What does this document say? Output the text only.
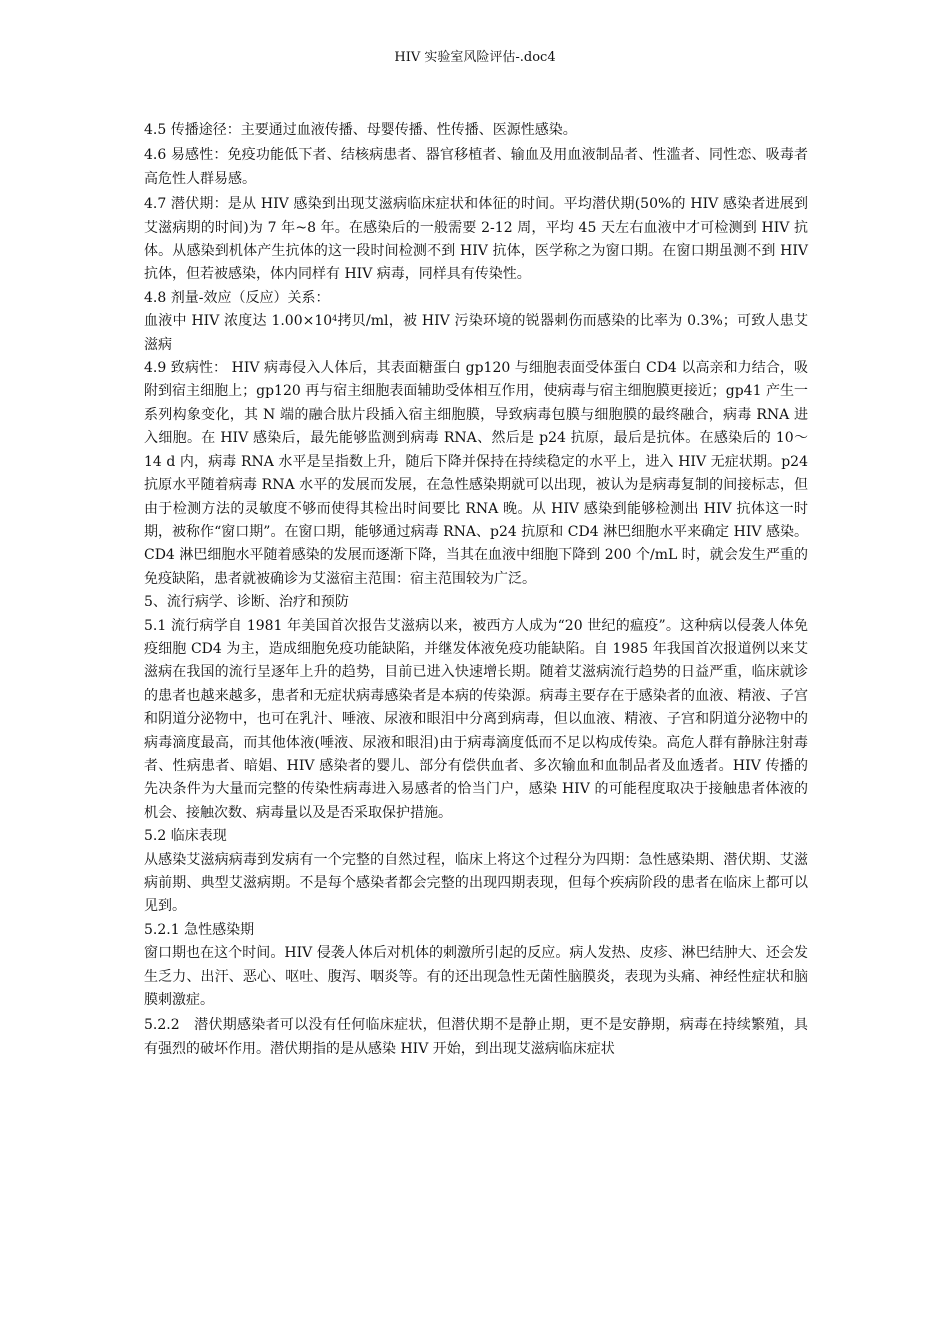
HIV 实验室风险评估-.doc4

4.5 传播途径：主要通过血液传播、母婴传播、性传播、医源性感染。

4.6 易感性：免疫功能低下者、结核病患者、器官移植者、输血及用血液制品者、性滥者、同性恋、吸毒者高危性人群易感。

4.7 潜伏期：是从 HIV 感染到出现艾滋病临床症状和体征的时间。平均潜伏期(50%的 HIV 感染者进展到艾滋病期的时间)为 7 年~8 年。在感染后的一般需要 2-12 周，平均 45 天左右血液中才可检测到 HIV 抗体。从感染到机体产生抗体的这一段时间检测不到 HIV 抗体，医学称之为窗口期。在窗口期虽测不到 HIV 抗体，但若被感染，体内同样有 HIV 病毒，同样具有传染性。

4.8 剂量-效应（反应）关系：

血液中 HIV 浓度达 $1.00\times 10^4$拷贝/ml，被 HIV 污染环境的锐器刺伤而感染的比率为 0.3%；可致人患艾滋病

4.9 致病性： HIV 病毒侵入人体后，其表面糖蛋白 gp120 与细胞表面受体蛋白 CD4 以高亲和力结合，吸附到宿主细胞上；gp120 再与宿主细胞表面辅助受体相互作用，使病毒与宿主细胞膜更接近；gp41 产生一系列构象变化，其 N 端的融合肽片段插入宿主细胞膜，导致病毒包膜与细胞膜的最终融合，病毒 RNA 进入细胞。在 HIV 感染后，最先能够监测到病毒 RNA、然后是 p24 抗原，最后是抗体。在感染后的 10～14 d 内，病毒 RNA 水平是呈指数上升，随后下降并保持在持续稳定的水平上，进入 HIV 无症状期。p24 抗原水平随着病毒 RNA 水平的发展而发展，在急性感染期就可以出现，被认为是病毒复制的间接标志，但由于检测方法的灵敏度不够而使得其检出时间要比 RNA 晚。从 HIV 感染到能够检测出 HIV 抗体这一时期，被称作“窗口期”。在窗口期，能够通过病毒 RNA、p24 抗原和 CD4 淋巴细胞水平来确定 HIV 感染。CD4 淋巴细胞水平随着感染的发展而逐渐下降，当其在血液中细胞下降到 200 个/mL 时，就会发生严重的免疫缺陷，患者就被确诊为艾滋宿主范围：宿主范围较为广泛。

5、流行病学、诊断、治疗和预防

5.1 流行病学自 1981 年美国首次报告艾滋病以来，被西方人成为“20 世纪的瘟疫”。这种病以侵袭人体免疫细胞 CD4 为主，造成细胞免疫功能缺陷，并继发体液免疫功能缺陷。自 1985 年我国首次报道例以来艾滋病在我国的流行呈逐年上升的趋势，目前已进入快速增长期。随着艾滋病流行趋势的日益严重，临床就诊的患者也越来越多，患者和无症状病毒感染者是本病的传染源。病毒主要存在于感染者的血液、精液、子宫和阴道分泌物中，也可在乳汁、唾液、尿液和眼泪中分离到病毒，但以血液、精液、子宫和阴道分泌物中的病毒滴度最高，而其他体液(唾液、尿液和眼泪)由于病毒滴度低而不足以构成传染。高危人群有静脉注射毒者、性病患者、暗娼、HIV 感染者的婴儿、部分有偿供血者、多次输血和血制品者及血透者。HIV 传播的先决条件为大量而完整的传染性病毒进入易感者的恰当门户，感染 HIV 的可能程度取决于接触患者体液的机会、接触次数、病毒量以及是否采取保护措施。

5.2 临床表现

从感染艾滋病病毒到发病有一个完整的自然过程，临床上将这个过程分为四期：急性感染期、潜伏期、艾滋病前期、典型艾滋病期。不是每个感染者都会完整的出现四期表现，但每个疾病阶段的患者在临床上都可以见到。

5.2.1 急性感染期

窗口期也在这个时间。HIV 侵袭人体后对机体的刺激所引起的反应。病人发热、皮疹、淋巴结肿大、还会发生乏力、出汗、恶心、呕吐、腹泻、咽炎等。有的还出现急性无菌性脑膜炎，表现为头痛、神经性症状和脑膜刺激症。

5.2.2　潜伏期感染者可以没有任何临床症状，但潜伏期不是静止期，更不是安静期，病毒在持续繁殖，具有强烈的破坏作用。潜伏期指的是从感染 HIV 开始，到出现艾滋病临床症状
